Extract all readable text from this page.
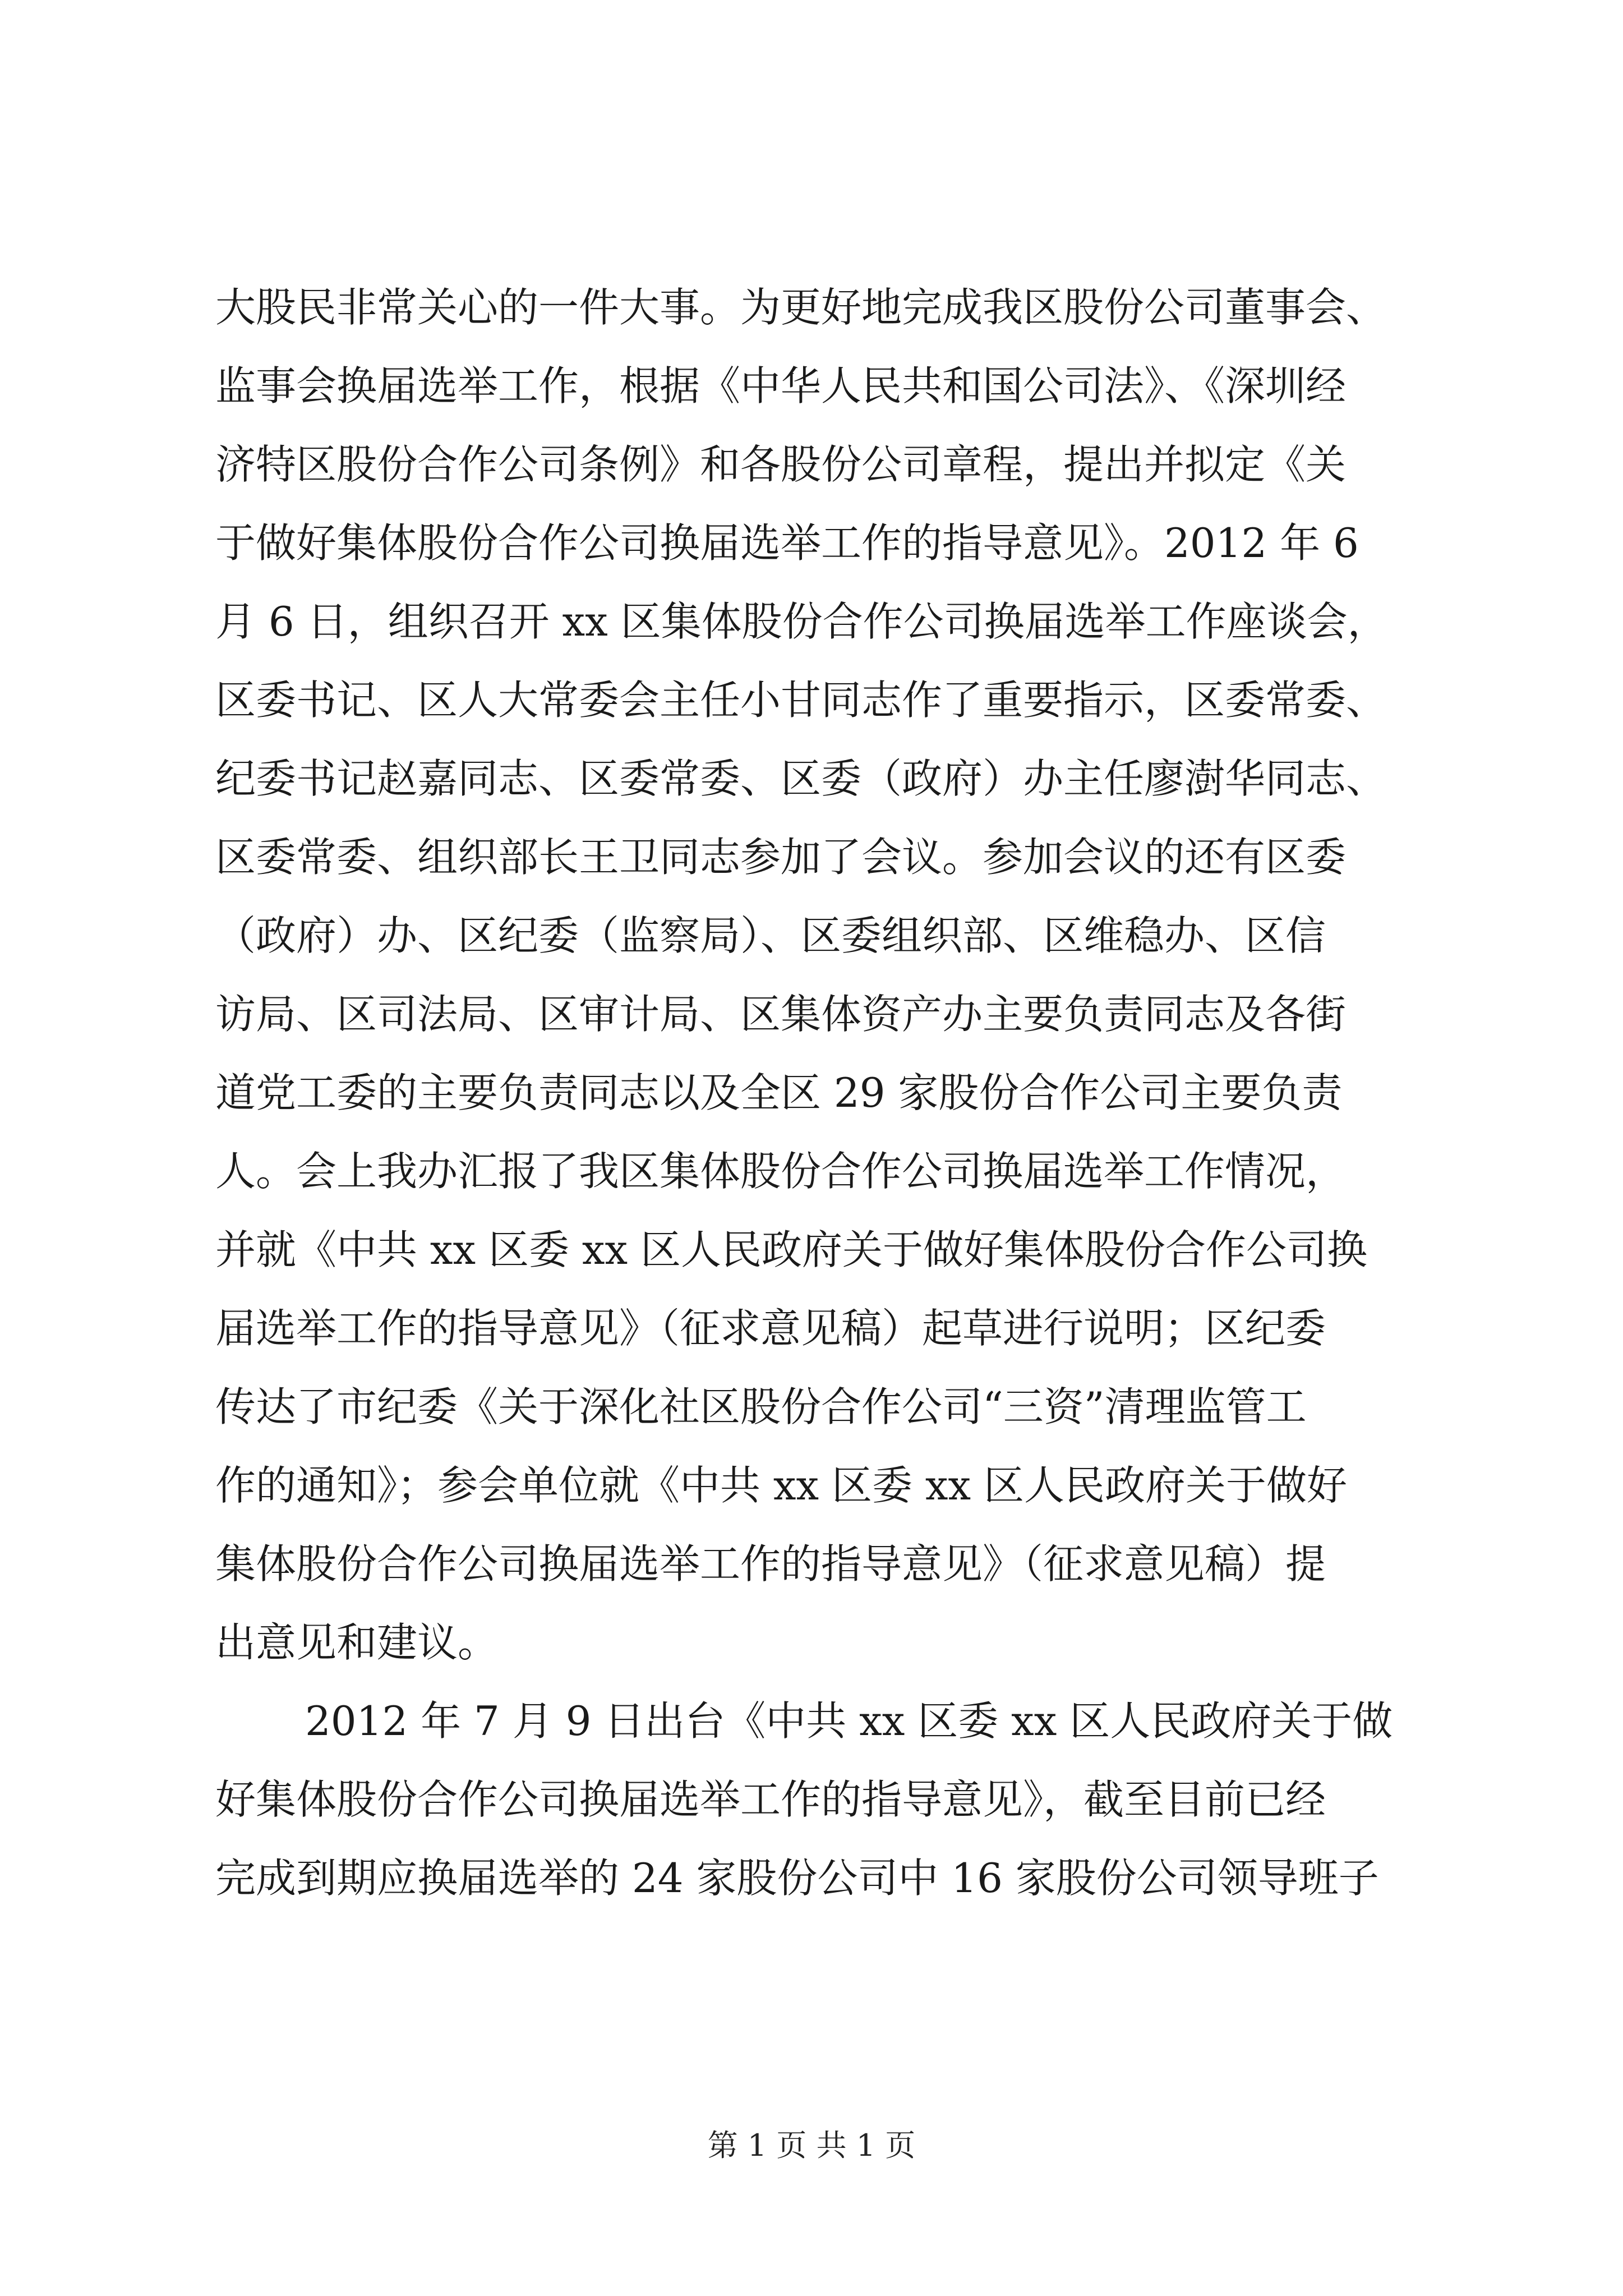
大股民非常关心的一件大事。为更好地完成我区股份公司董事会、
监事会换届选举工作，根据《中华人民共和国公司法》、《深圳经
济特区股份合作公司条例》和各股份公司章程，提出并拟定《关
于做好集体股份合作公司换届选举工作的指导意见》。2012 年 6
月 6 日，组织召开 xx 区集体股份合作公司换届选举工作座谈会，
区委书记、区人大常委会主任小甘同志作了重要指示，区委常委、
纪委书记赵嘉同志、区委常委、区委（政府）办主任廖澍华同志、
区委常委、组织部长王卫同志参加了会议。参加会议的还有区委
（政府）办、区纪委（监察局）、区委组织部、区维稳办、区信
访局、区司法局、区审计局、区集体资产办主要负责同志及各街
道党工委的主要负责同志以及全区 29 家股份合作公司主要负责
人。会上我办汇报了我区集体股份合作公司换届选举工作情况，
并就《中共 xx 区委 xx 区人民政府关于做好集体股份合作公司换
届选举工作的指导意见》（征求意见稿）起草进行说明；区纪委
传达了市纪委《关于深化社区股份合作公司“三资”清理监管工
作的通知》；参会单位就《中共 xx 区委 xx 区人民政府关于做好
集体股份合作公司换届选举工作的指导意见》（征求意见稿）提
出意见和建议。
2012 年 7 月 9 日出台《中共 xx 区委 xx 区人民政府关于做
好集体股份合作公司换届选举工作的指导意见》，截至目前已经
完成到期应换届选举的 24 家股份公司中 16 家股份公司领导班子
第 1 页 共 1 页
